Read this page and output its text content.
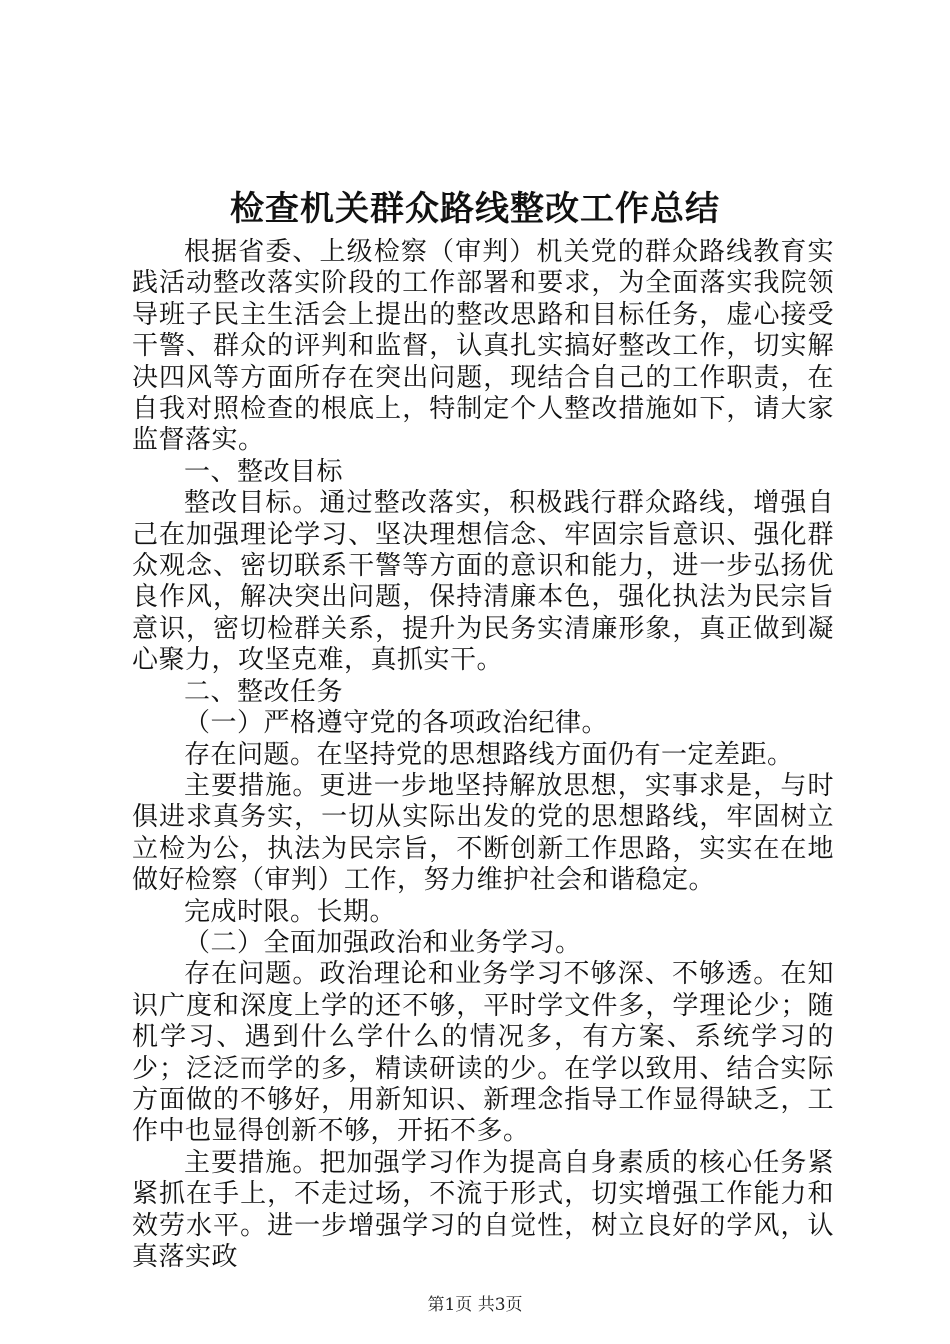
检查机关群众路线整改工作总结

根据省委、上级检察（审判）机关党的群众路线教育实践活动整改落实阶段的工作部署和要求，为全面落实我院领导班子民主生活会上提出的整改思路和目标任务，虚心接受干警、群众的评判和监督，认真扎实搞好整改工作，切实解决四风等方面所存在突出问题，现结合自己的工作职责，在自我对照检查的根底上，特制定个人整改措施如下，请大家监督落实。

一、整改目标

整改目标。通过整改落实，积极践行群众路线，增强自己在加强理论学习、坚决理想信念、牢固宗旨意识、强化群众观念、密切联系干警等方面的意识和能力，进一步弘扬优良作风，解决突出问题，保持清廉本色，强化执法为民宗旨意识，密切检群关系，提升为民务实清廉形象，真正做到凝心聚力，攻坚克难，真抓实干。

二、整改任务

（一）严格遵守党的各项政治纪律。

存在问题。在坚持党的思想路线方面仍有一定差距。

主要措施。更进一步地坚持解放思想，实事求是，与时俱进求真务实，一切从实际出发的党的思想路线，牢固树立立检为公，执法为民宗旨，不断创新工作思路，实实在在地做好检察（审判）工作，努力维护社会和谐稳定。

完成时限。长期。

（二）全面加强政治和业务学习。

存在问题。政治理论和业务学习不够深、不够透。在知识广度和深度上学的还不够，平时学文件多，学理论少；随机学习、遇到什么学什么的情况多，有方案、系统学习的少；泛泛而学的多，精读研读的少。在学以致用、结合实际方面做的不够好，用新知识、新理念指导工作显得缺乏，工作中也显得创新不够，开拓不多。

主要措施。把加强学习作为提高自身素质的核心任务紧紧抓在手上，不走过场，不流于形式，切实增强工作能力和效劳水平。进一步增强学习的自觉性，树立良好的学风，认真落实政

第1页 共3页
